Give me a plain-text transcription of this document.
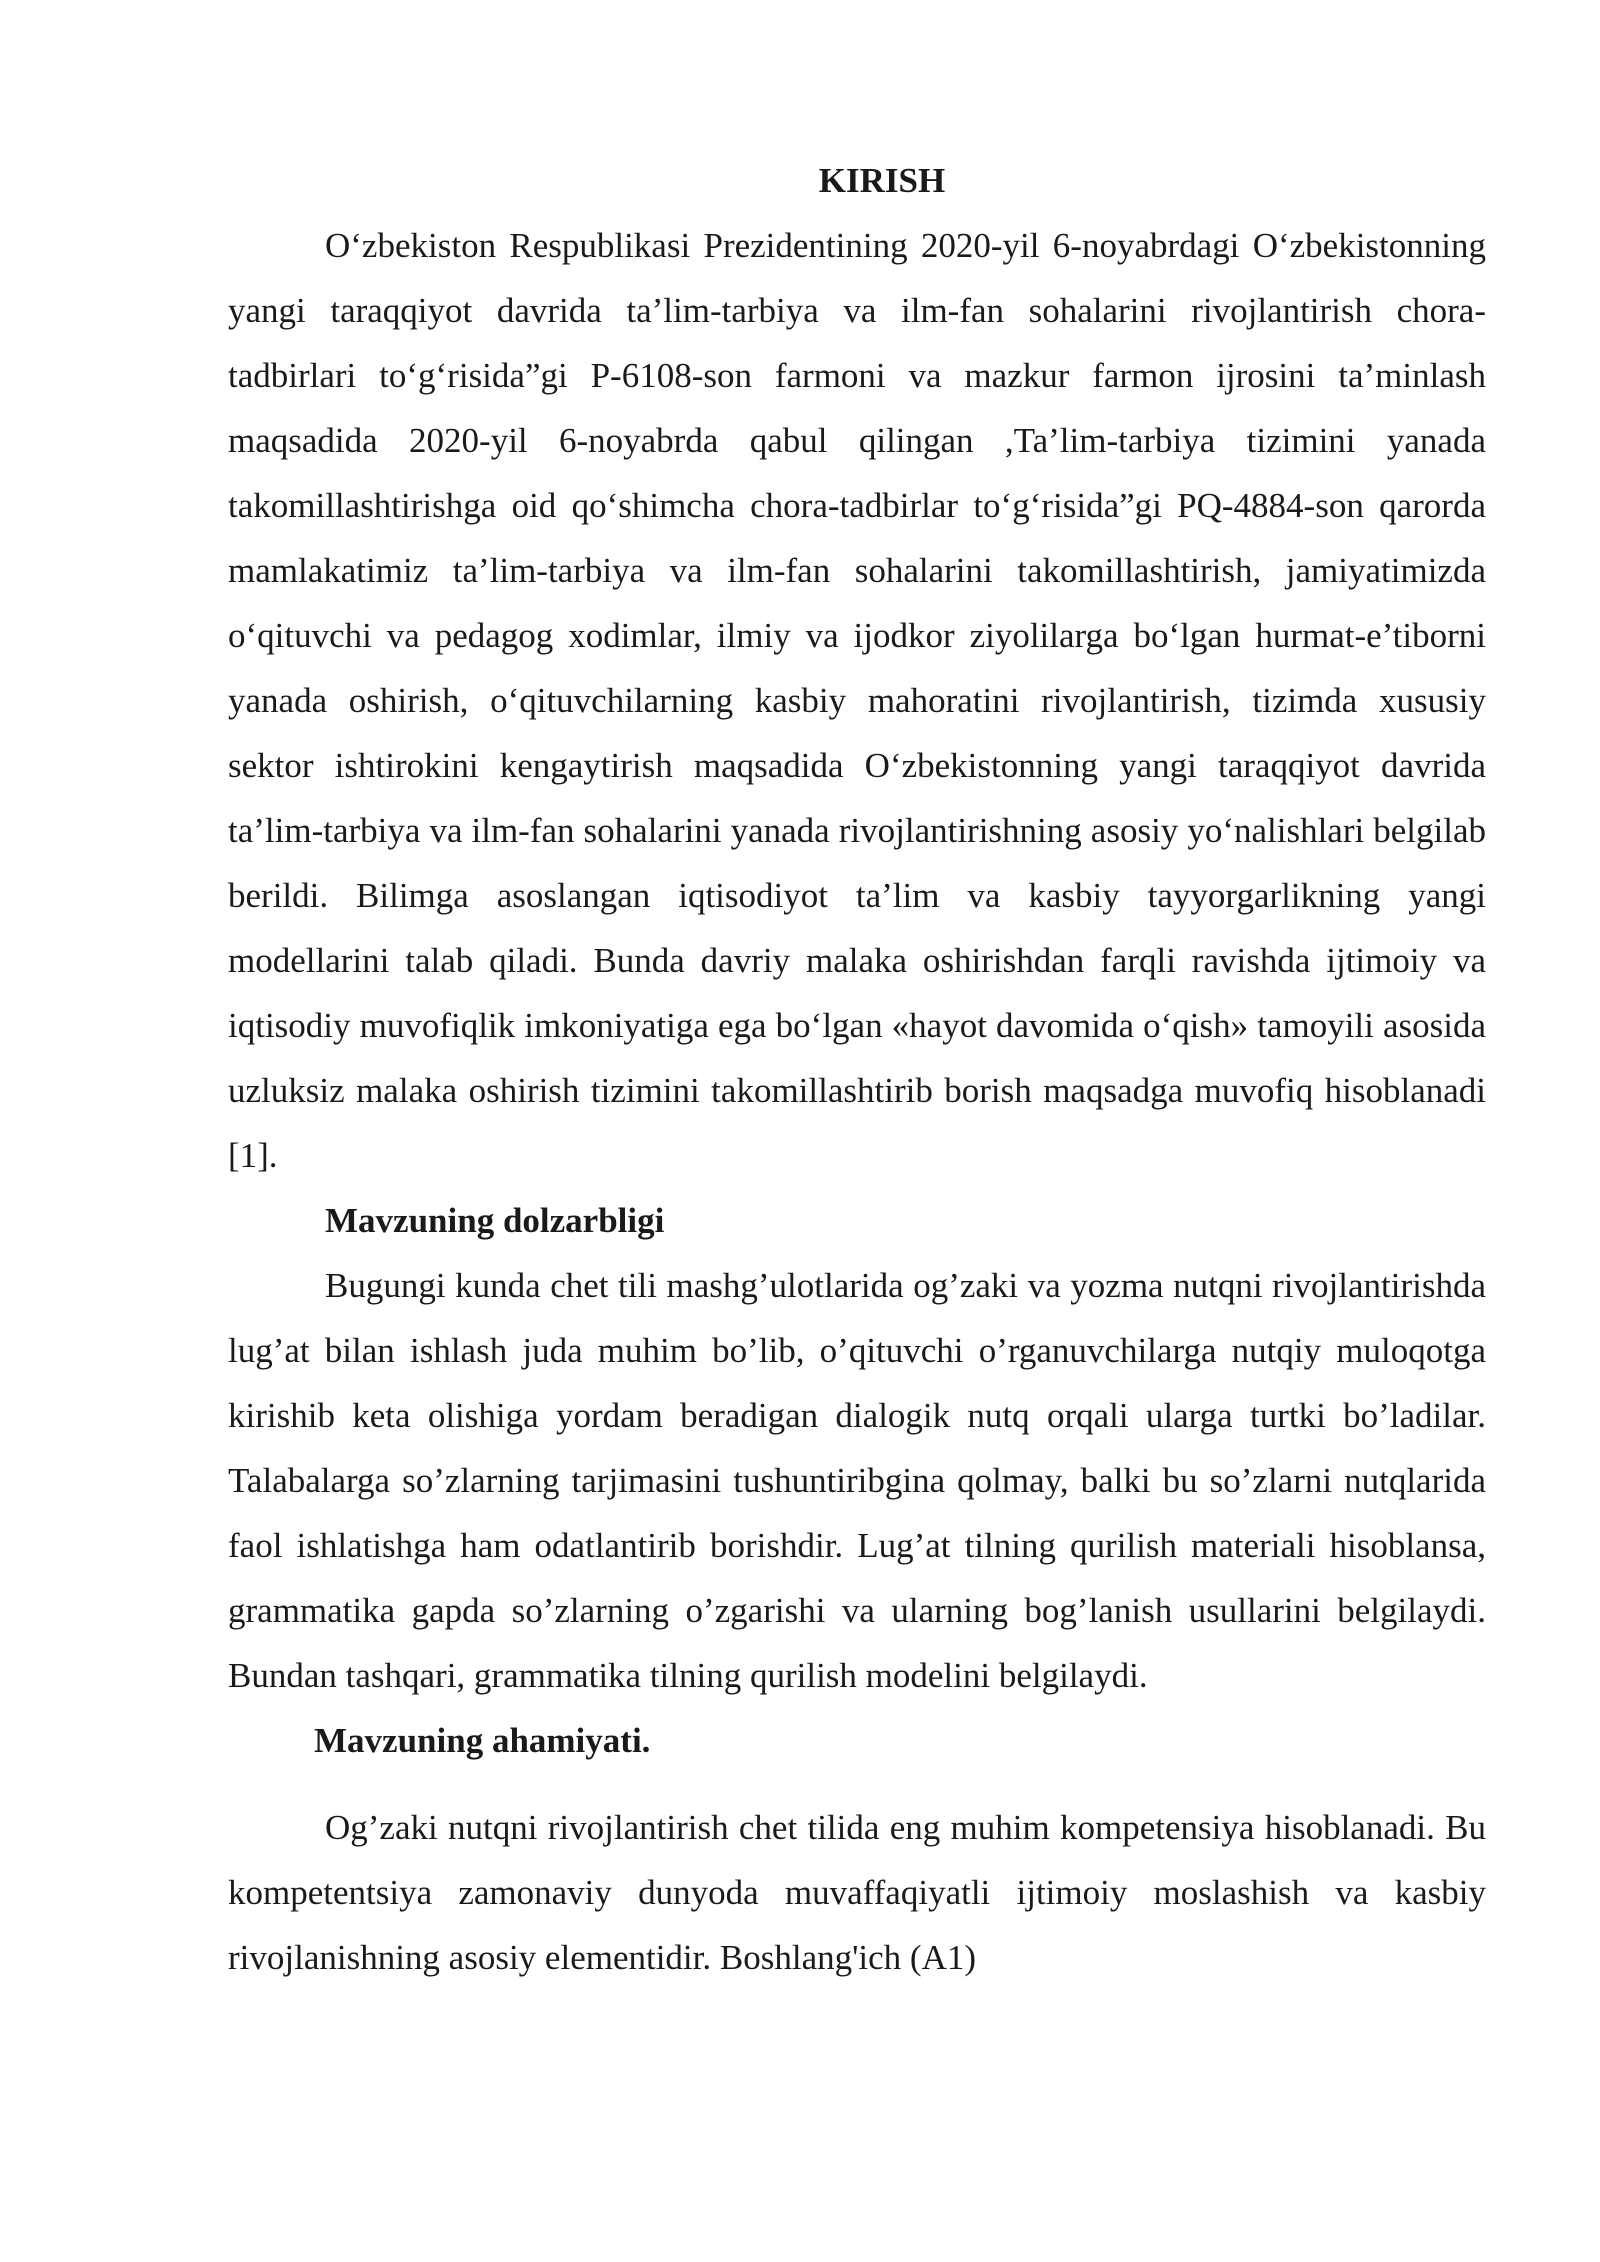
KIRISH

O‘zbekiston Respublikasi Prezidentining 2020-yil 6-noyabrdagi O‘zbekistonning yangi taraqqiyot davrida ta’lim-tarbiya va ilm-fan sohalarini rivojlantirish chora-tadbirlari to‘g‘risida”gi P-6108-son farmoni va mazkur farmon ijrosini ta’minlash maqsadida 2020-yil 6-noyabrda qabul qilingan ,Ta’lim-tarbiya tizimini yanada takomillashtirishga oid qo‘shimcha chora-tadbirlar to‘g‘risida”gi PQ-4884-son qarorda mamlakatimiz ta’lim-tarbiya va ilm-fan sohalarini takomillashtirish, jamiyatimizda o‘qituvchi va pedagog xodimlar, ilmiy va ijodkor ziyolilarga bo‘lgan hurmat-e’tiborni yanada oshirish, o‘qituvchilarning kasbiy mahoratini rivojlantirish, tizimda xususiy sektor ishtirokini kengaytirish maqsadida O‘zbekistonning yangi taraqqiyot davrida ta’lim-tarbiya va ilm-fan sohalarini yanada rivojlantirishning asosiy yo‘nalishlari belgilab berildi. Bilimga asoslangan iqtisodiyot ta’lim va kasbiy tayyorgarlikning yangi modellarini talab qiladi. Bunda davriy malaka oshirishdan farqli ravishda ijtimoiy va iqtisodiy muvofiqlik imkoniyatiga ega bo‘lgan «hayot davomida o‘qish» tamoyili asosida uzluksiz malaka oshirish tizimini takomillashtirib borish maqsadga muvofiq hisoblanadi [1].

Mavzuning dolzarbligi

Bugungi kunda chet tili mashg’ulotlarida og’zaki va yozma nutqni rivojlantirishda lug’at bilan ishlash juda muhim bo’lib, o’qituvchi o’rganuvchilarga nutqiy muloqotga kirishib keta olishiga yordam beradigan dialogik nutq orqali ularga turtki bo’ladilar. Talabalarga so’zlarning tarjimasini tushuntiribgina qolmay, balki bu so’zlarni nutqlarida faol ishlatishga ham odatlantirib borishdir. Lug’at tilning qurilish materiali hisoblansa, grammatika gapda so’zlarning o’zgarishi va ularning bog’lanish usullarini belgilaydi. Bundan tashqari, grammatika tilning qurilish modelini belgilaydi.

Mavzuning ahamiyati.

Og’zaki nutqni rivojlantirish chet tilida eng muhim kompetensiya hisoblanadi. Bu kompetentsiya zamonaviy dunyoda muvaffaqiyatli ijtimoiy moslashish va kasbiy rivojlanishning asosiy elementidir. Boshlang'ich (A1)
